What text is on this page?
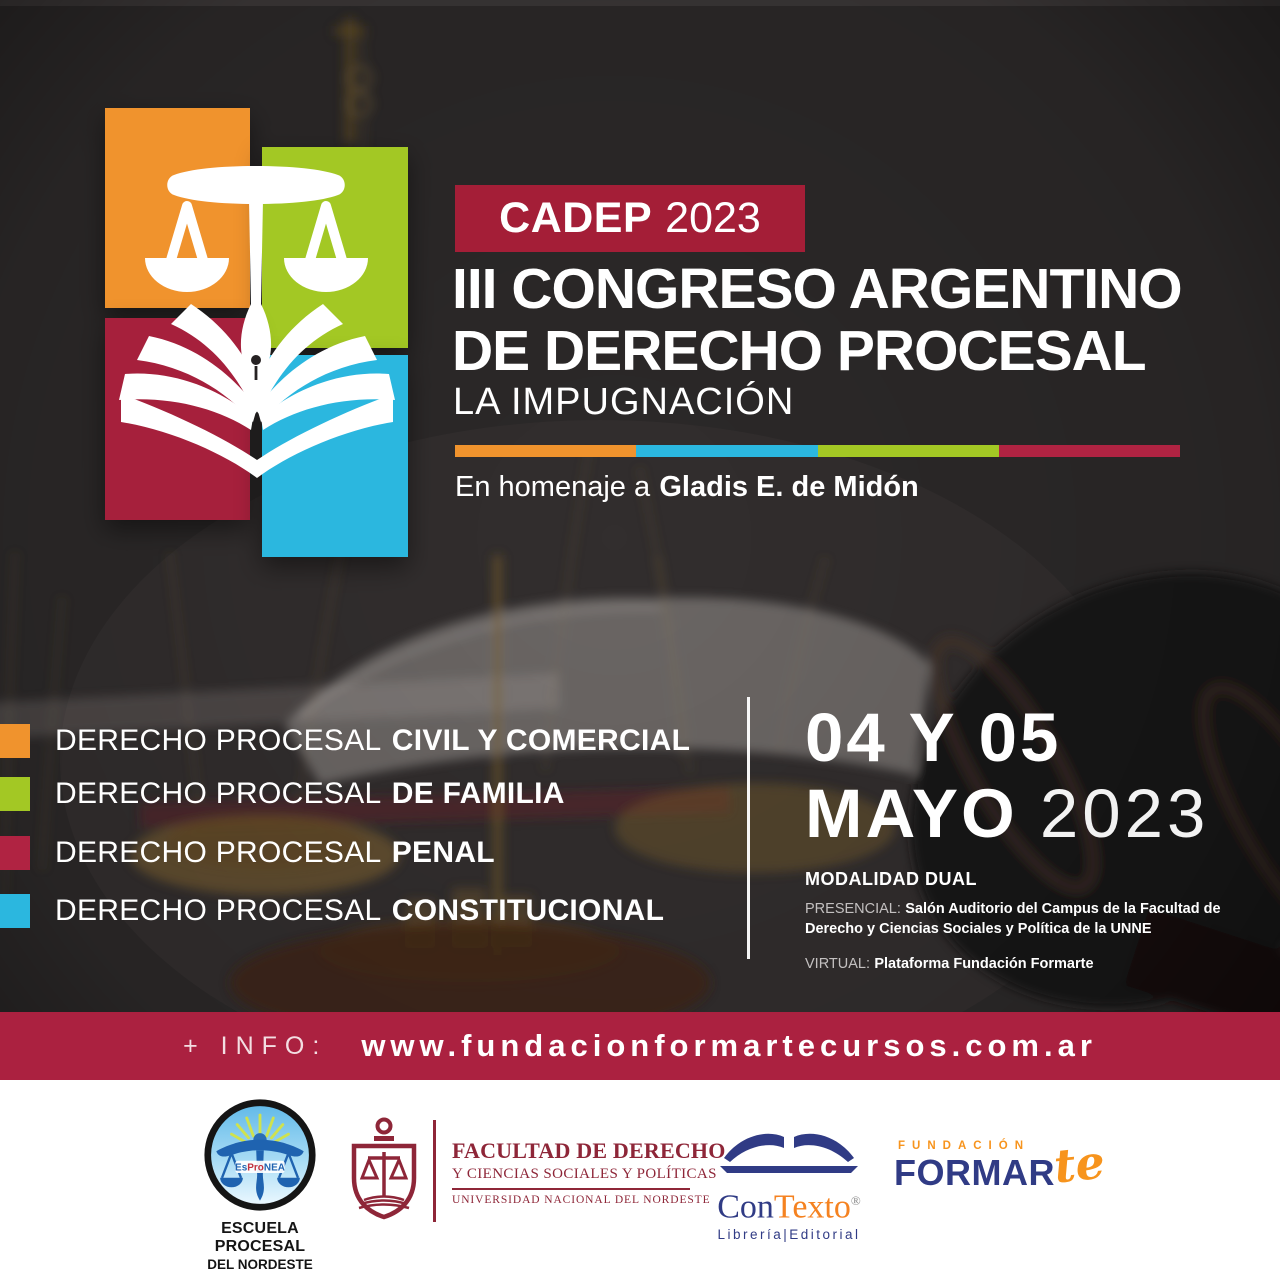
CADEP 2023
III CONGRESO ARGENTINO
DE DERECHO PROCESAL
LA IMPUGNACIÓN
En homenaje a Gladis E. de Midón
DERECHO PROCESAL CIVIL Y COMERCIAL
DERECHO PROCESAL DE FAMILIA
DERECHO PROCESAL PENAL
DERECHO PROCESAL CONSTITUCIONAL
04 Y 05
MAYO 2023
MODALIDAD DUAL

PRESENCIAL: Salón Auditorio del Campus de la Facultad de Derecho y Ciencias Sociales y Política de la UNNE

VIRTUAL: Plataforma Fundación Formarte

+ INFO: www.fundacionformartecursos.com.ar
EsProNEA
ESCUELA PROCESAL
DEL NORDESTE
FACULTAD DE DERECHO
Y CIENCIAS SOCIALES Y POLÍTICAS
UNIVERSIDAD NACIONAL DEL NORDESTE ConTexto®
Librería|Editorial
FUNDACIÓN
FORMAR
te
